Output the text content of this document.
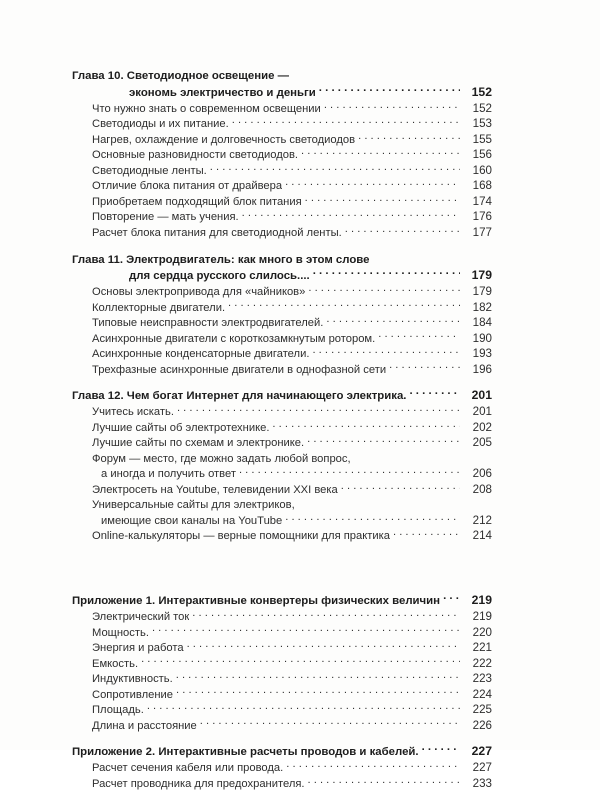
Глава 10. Светодиодное освещение —
экономь электричество и деньги . . .	152
Что нужно знать о современном освещении . . .	152
Светодиоды и их питание. . . .	153
Нагрев, охлаждение и долговечность светодиодов . . .	155
Основные разновидности светодиодов. . . .	156
Светодиодные ленты. . . .	160
Отличие блока питания от драйвера . . .	168
Приобретаем подходящий блок питания . . .	174
Повторение — мать учения. . . .	176
Расчет блока питания для светодиодной ленты. . . .	177
Глава 11. Электродвигатель: как много в этом слове
для сердца русского слилось.... . . .	179
Основы электропривода для «чайников» . . .	179
Коллекторные двигатели. . . .	182
Типовые неисправности электродвигателей. . . .	184
Асинхронные двигатели с короткозамкнутым ротором. . . .	190
Асинхронные конденсаторные двигатели. . . .	193
Трехфазные асинхронные двигатели в однофазной сети . . .	196
Глава 12. Чем богат Интернет для начинающего электрика. . . .	201
Учитесь искать. . . .	201
Лучшие сайты об электротехнике. . . .	202
Лучшие сайты по схемам и электронике. . . .	205
Форум — место, где можно задать любой вопрос,
а иногда и получить ответ . . .	206
Электросеть на Youtube, телевидении XXI века . . .	208
Универсальные сайты для электриков,
имеющие свои каналы на YouTube . . .	212
Online-калькуляторы — верные помощники для практика . . .	214
Приложение 1. Интерактивные конвертеры физических величин . . .	219
Электрический ток . . .	219
Мощность. . . .	220
Энергия и работа . . .	221
Емкость. . . .	222
Индуктивность. . . .	223
Сопротивление . . .	224
Площадь. . . .	225
Длина и расстояние . . .	226
Приложение 2. Интерактивные расчеты проводов и кабелей. . . .	227
Расчет сечения кабеля или провода. . . .	227
Расчет проводника для предохранителя. . . .	233
